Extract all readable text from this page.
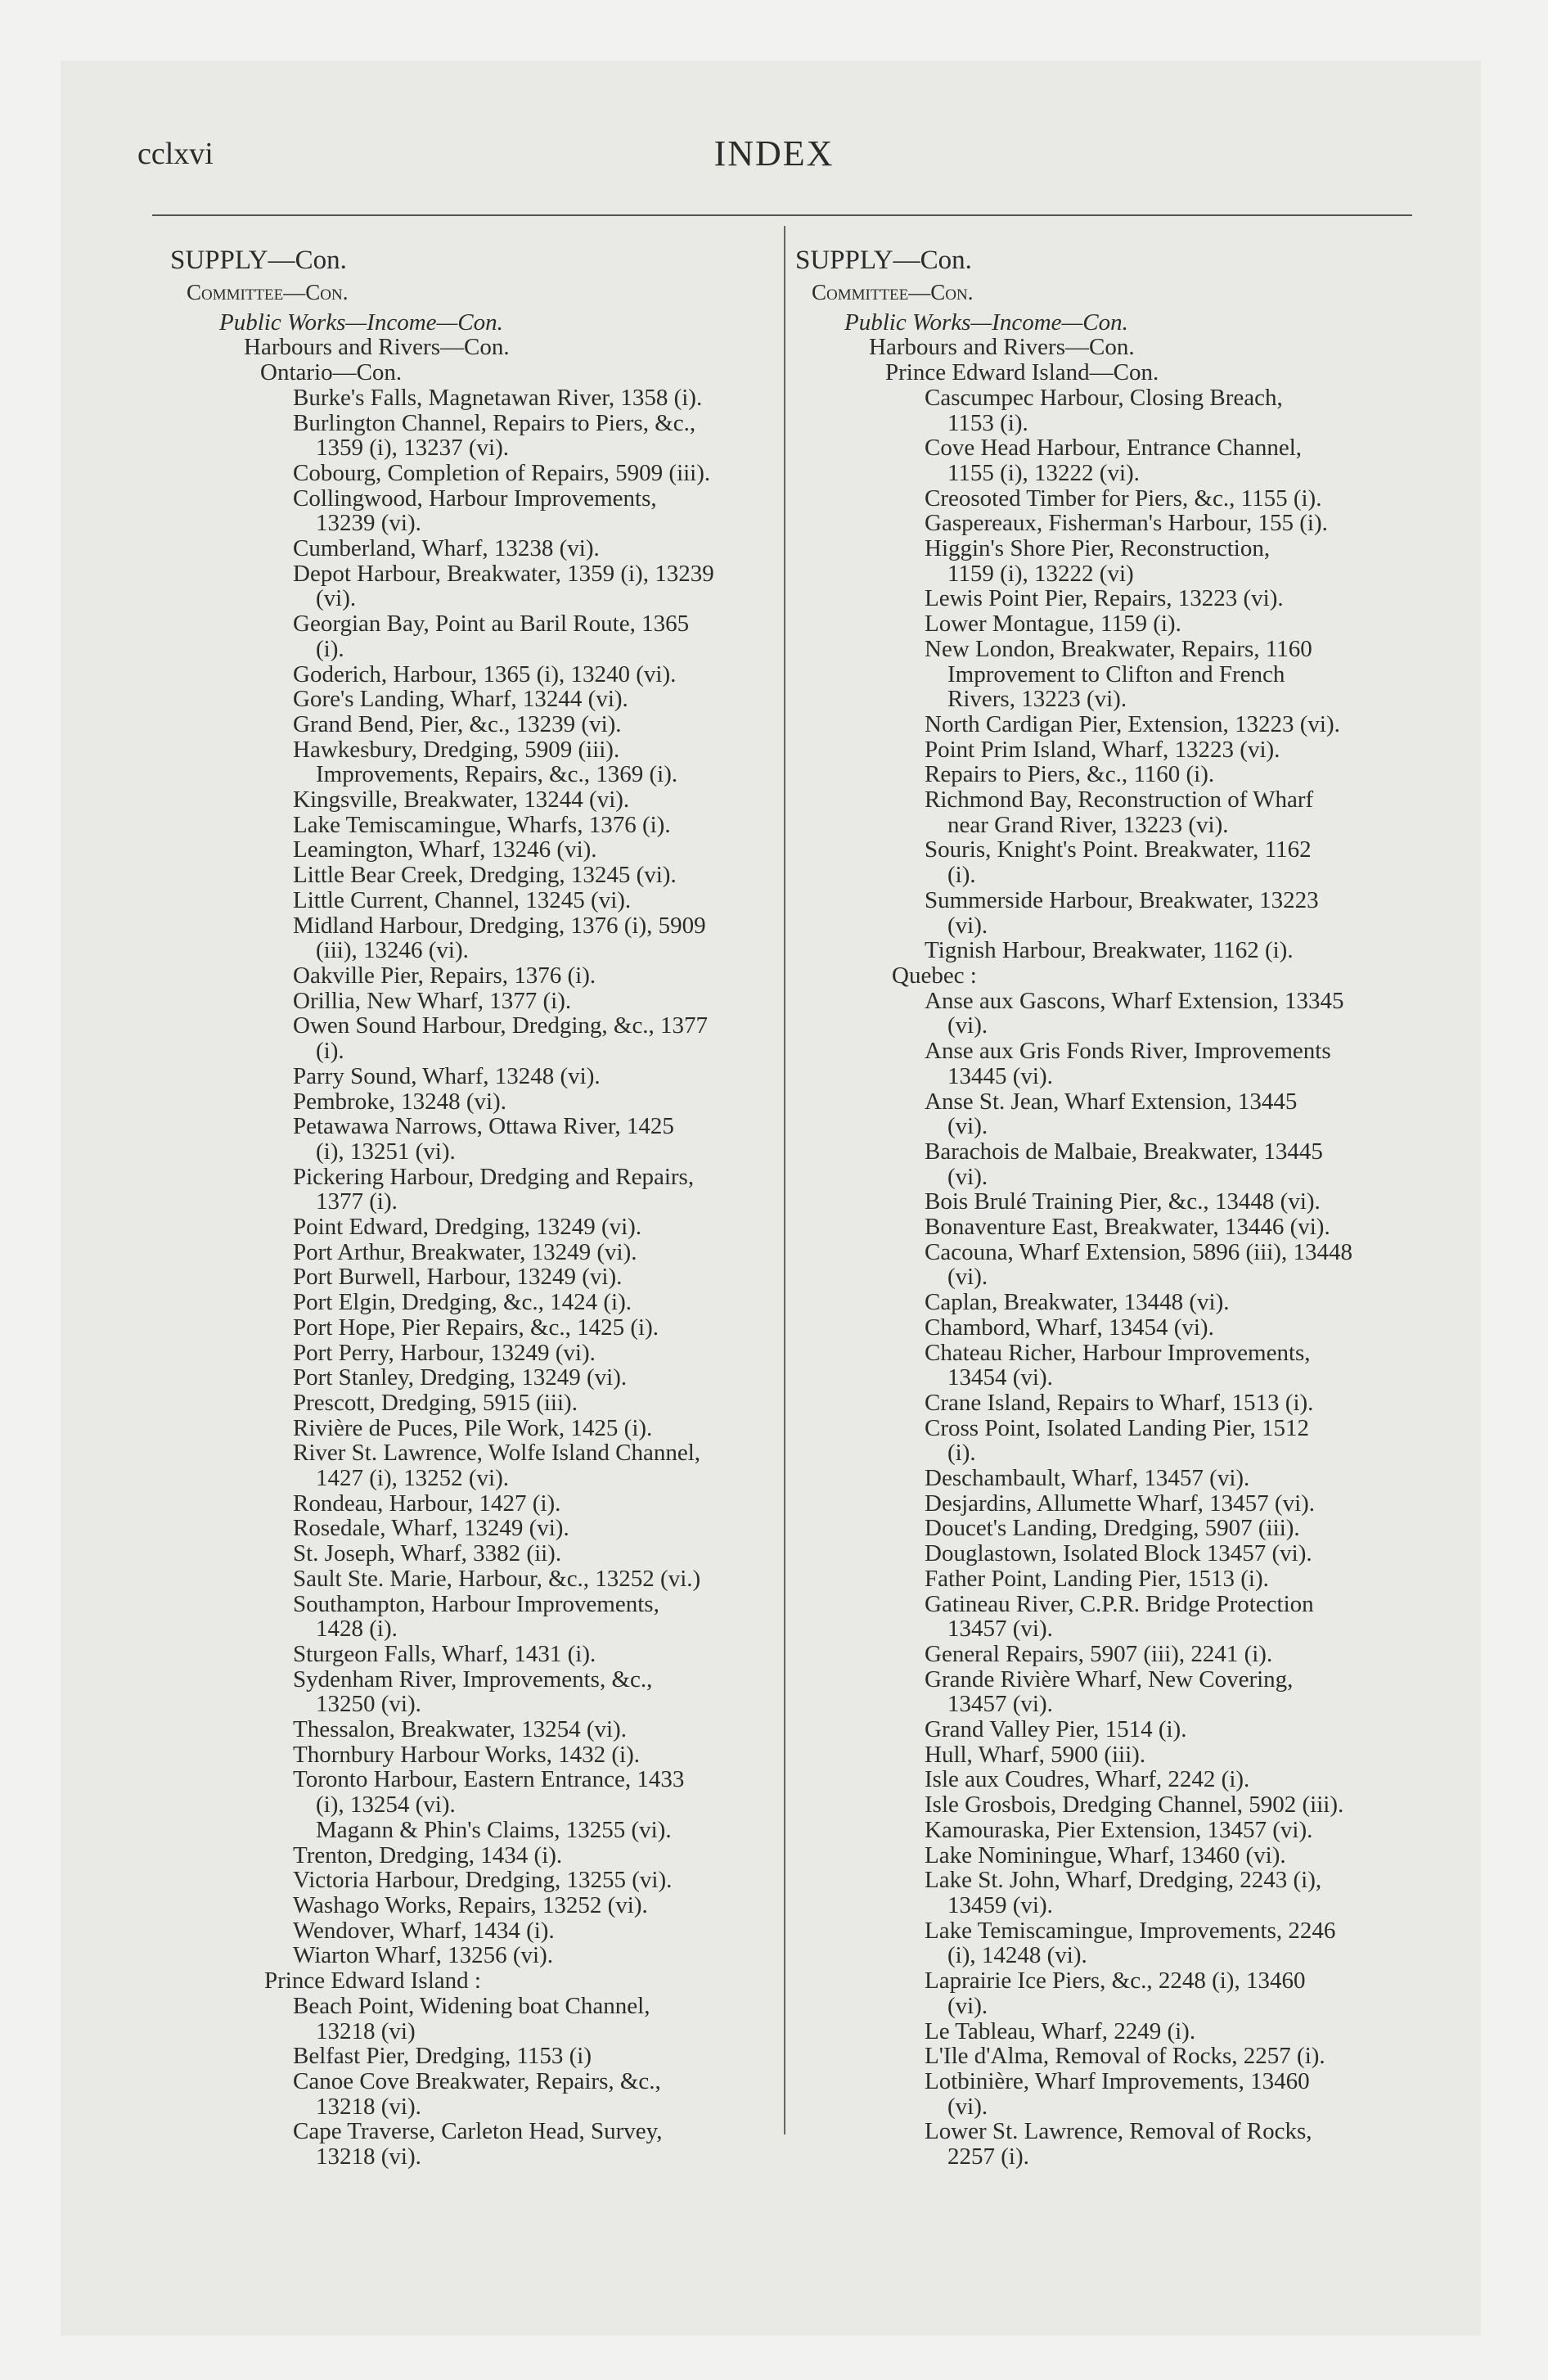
cclxvi	INDEX
SUPPLY—Con.
Committee—Con.
Public Works—Income—Con.
Harbours and Rivers—Con.
Ontario—Con.
Burke's Falls, Magnetawan River, 1358 (i).
Burlington Channel, Repairs to Piers, &c.,
1359 (i), 13237 (vi).
Cobourg, Completion of Repairs, 5909 (iii).
Collingwood, Harbour Improvements,
13239 (vi).
Cumberland, Wharf, 13238 (vi).
Depot Harbour, Breakwater, 1359 (i), 13239
(vi).
Georgian Bay, Point au Baril Route, 1365
(i).
Goderich, Harbour, 1365 (i), 13240 (vi).
Gore's Landing, Wharf, 13244 (vi).
Grand Bend, Pier, &c., 13239 (vi).
Hawkesbury, Dredging, 5909 (iii).
Improvements, Repairs, &c., 1369 (i).
Kingsville, Breakwater, 13244 (vi).
Lake Temiscamingue, Wharfs, 1376 (i).
Leamington, Wharf, 13246 (vi).
Little Bear Creek, Dredging, 13245 (vi).
Little Current, Channel, 13245 (vi).
Midland Harbour, Dredging, 1376 (i), 5909
(iii), 13246 (vi).
Oakville Pier, Repairs, 1376 (i).
Orillia, New Wharf, 1377 (i).
Owen Sound Harbour, Dredging, &c., 1377
(i).
Parry Sound, Wharf, 13248 (vi).
Pembroke, 13248 (vi).
Petawawa Narrows, Ottawa River, 1425
(i), 13251 (vi).
Pickering Harbour, Dredging and Repairs,
1377 (i).
Point Edward, Dredging, 13249 (vi).
Port Arthur, Breakwater, 13249 (vi).
Port Burwell, Harbour, 13249 (vi).
Port Elgin, Dredging, &c., 1424 (i).
Port Hope, Pier Repairs, &c., 1425 (i).
Port Perry, Harbour, 13249 (vi).
Port Stanley, Dredging, 13249 (vi).
Prescott, Dredging, 5915 (iii).
Rivière de Puces, Pile Work, 1425 (i).
River St. Lawrence, Wolfe Island Channel,
1427 (i), 13252 (vi).
Rondeau, Harbour, 1427 (i).
Rosedale, Wharf, 13249 (vi).
St. Joseph, Wharf, 3382 (ii).
Sault Ste. Marie, Harbour, &c., 13252 (vi.)
Southampton, Harbour Improvements,
1428 (i).
Sturgeon Falls, Wharf, 1431 (i).
Sydenham River, Improvements, &c.,
13250 (vi).
Thessalon, Breakwater, 13254 (vi).
Thornbury Harbour Works, 1432 (i).
Toronto Harbour, Eastern Entrance, 1433
(i), 13254 (vi).
Magann & Phin's Claims, 13255 (vi).
Trenton, Dredging, 1434 (i).
Victoria Harbour, Dredging, 13255 (vi).
Washago Works, Repairs, 13252 (vi).
Wendover, Wharf, 1434 (i).
Wiarton Wharf, 13256 (vi).
Prince Edward Island :
Beach Point, Widening boat Channel,
13218 (vi)
Belfast Pier, Dredging, 1153 (i)
Canoe Cove Breakwater, Repairs, &c.,
13218 (vi).
Cape Traverse, Carleton Head, Survey,
13218 (vi).
SUPPLY—Con.
Committee—Con.
Public Works—Income—Con.
Harbours and Rivers—Con.
Prince Edward Island—Con.
Cascumpec Harbour, Closing Breach,
1153 (i).
Cove Head Harbour, Entrance Channel,
1155 (i), 13222 (vi).
Creosoted Timber for Piers, &c., 1155 (i).
Gaspereaux, Fisherman's Harbour, 155 (i).
Higgin's Shore Pier, Reconstruction,
1159 (i), 13222 (vi)
Lewis Point Pier, Repairs, 13223 (vi).
Lower Montague, 1159 (i).
New London, Breakwater, Repairs, 1160
Improvement to Clifton and French
Rivers, 13223 (vi).
North Cardigan Pier, Extension, 13223 (vi).
Point Prim Island, Wharf, 13223 (vi).
Repairs to Piers, &c., 1160 (i).
Richmond Bay, Reconstruction of Wharf
near Grand River, 13223 (vi).
Souris, Knight's Point. Breakwater, 1162
(i).
Summerside Harbour, Breakwater, 13223
(vi).
Tignish Harbour, Breakwater, 1162 (i).
Quebec :
Anse aux Gascons, Wharf Extension, 13345
(vi).
Anse aux Gris Fonds River, Improvements
13445 (vi).
Anse St. Jean, Wharf Extension, 13445
(vi).
Barachois de Malbaie, Breakwater, 13445
(vi).
Bois Brulé Training Pier, &c., 13448 (vi).
Bonaventure East, Breakwater, 13446 (vi).
Cacouna, Wharf Extension, 5896 (iii), 13448
(vi).
Caplan, Breakwater, 13448 (vi).
Chambord, Wharf, 13454 (vi).
Chateau Richer, Harbour Improvements,
13454 (vi).
Crane Island, Repairs to Wharf, 1513 (i).
Cross Point, Isolated Landing Pier, 1512
(i).
Deschambault, Wharf, 13457 (vi).
Desjardins, Allumette Wharf, 13457 (vi).
Doucet's Landing, Dredging, 5907 (iii).
Douglastown, Isolated Block 13457 (vi).
Father Point, Landing Pier, 1513 (i).
Gatineau River, C.P.R. Bridge Protection
13457 (vi).
General Repairs, 5907 (iii), 2241 (i).
Grande Rivière Wharf, New Covering,
13457 (vi).
Grand Valley Pier, 1514 (i).
Hull, Wharf, 5900 (iii).
Isle aux Coudres, Wharf, 2242 (i).
Isle Grosbois, Dredging Channel, 5902 (iii).
Kamouraska, Pier Extension, 13457 (vi).
Lake Nominingue, Wharf, 13460 (vi).
Lake St. John, Wharf, Dredging, 2243 (i),
13459 (vi).
Lake Temiscamingue, Improvements, 2246
(i), 14248 (vi).
Laprairie Ice Piers, &c., 2248 (i), 13460
(vi).
Le Tableau, Wharf, 2249 (i).
L'Ile d'Alma, Removal of Rocks, 2257 (i).
Lotbinière, Wharf Improvements, 13460
(vi).
Lower St. Lawrence, Removal of Rocks,
2257 (i).
